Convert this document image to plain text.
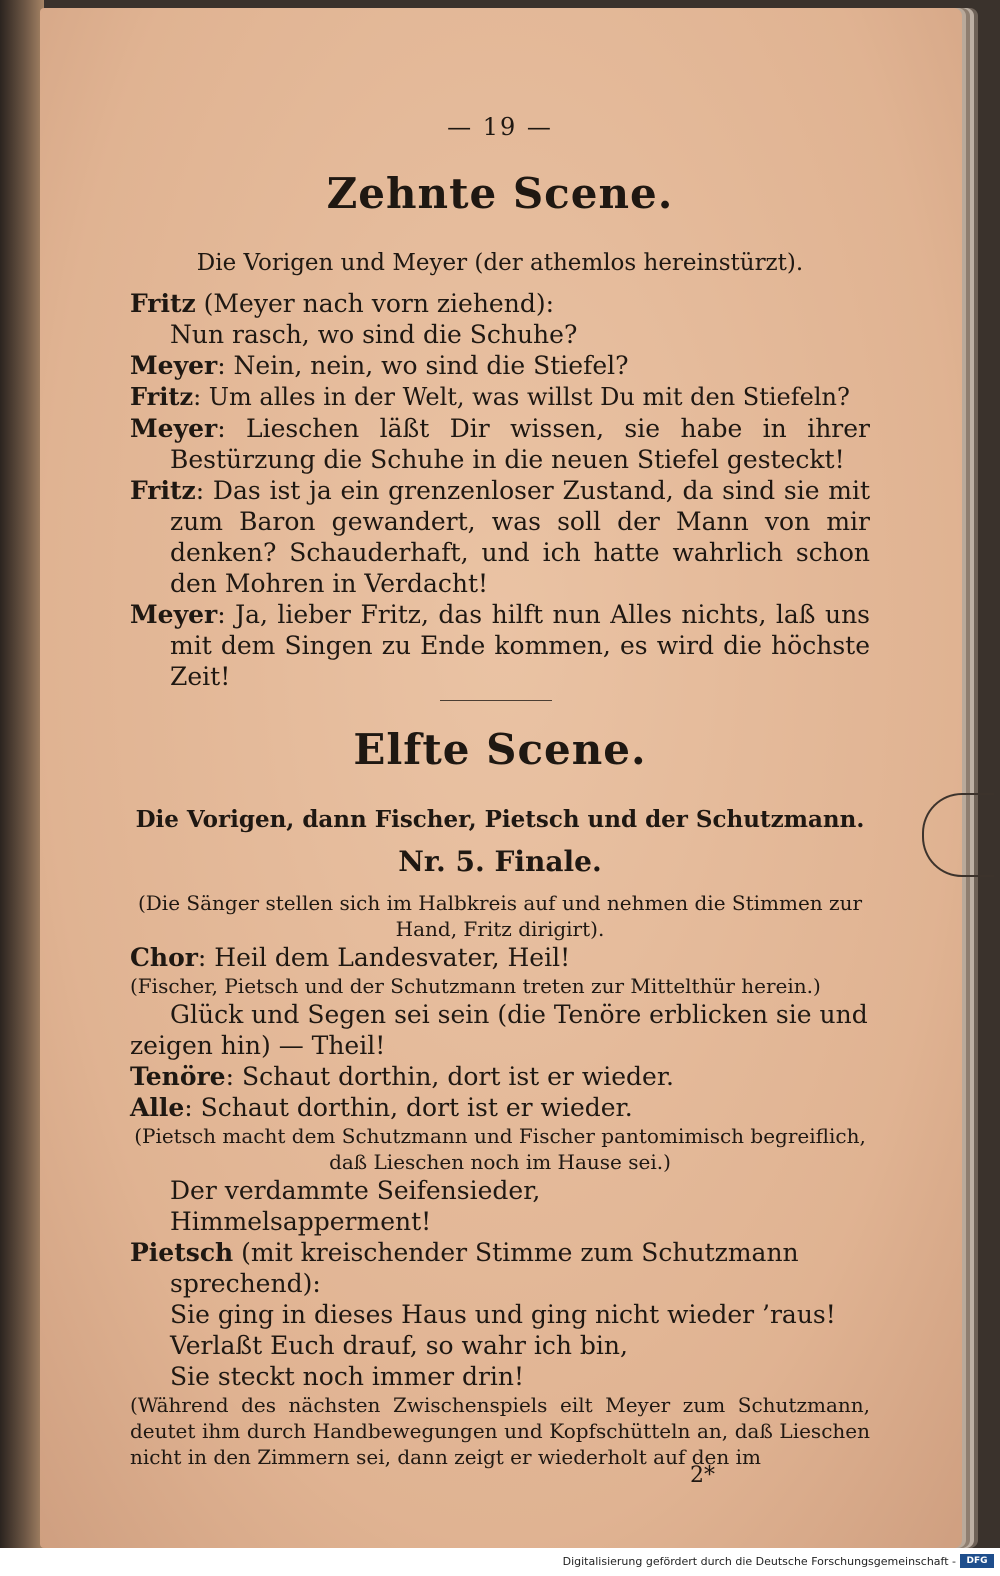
— 19 —
Zehnte Scene.
Die Vorigen und Meyer (der athemlos hereinstürzt).
Fritz (Meyer nach vorn ziehend):
Nun rasch, wo sind die Schuhe?
Meyer: Nein, nein, wo sind die Stiefel?
Fritz: Um alles in der Welt, was willst Du mit den Stiefeln?
Meyer: Lieschen läßt Dir wissen, sie habe in ihrer Bestürzung die Schuhe in die neuen Stiefel gesteckt!
Fritz: Das ist ja ein grenzenloser Zustand, da sind sie mit zum Baron gewandert, was soll der Mann von mir denken? Schauderhaft, und ich hatte wahrlich schon den Mohren in Verdacht!
Meyer: Ja, lieber Fritz, das hilft nun Alles nichts, laß uns mit dem Singen zu Ende kommen, es wird die höchste Zeit!
Elfte Scene.
Die Vorigen, dann Fischer, Pietsch und der Schutzmann.
Nr. 5. Finale.
(Die Sänger stellen sich im Halbkreis auf und nehmen die Stimmen zur Hand, Fritz dirigirt).
Chor: Heil dem Landesvater, Heil!
(Fischer, Pietsch und der Schutzmann treten zur Mittelthür herein.)
Glück und Segen sei sein (die Tenöre erblicken sie und zeigen hin) — Theil!
Tenöre: Schaut dorthin, dort ist er wieder.
Alle: Schaut dorthin, dort ist er wieder.
(Pietsch macht dem Schutzmann und Fischer pantomimisch begreiflich, daß Lieschen noch im Hause sei.)
Der verdammte Seifensieder,
Himmelsappermеnt!
Pietsch (mit kreischender Stimme zum Schutzmann sprechend):
Sie ging in dieses Haus und ging nicht wieder ’raus!
Verlaßt Euch drauf, so wahr ich bin,
Sie steckt noch immer drin!
(Während des nächsten Zwischenspiels eilt Meyer zum Schutzmann, deutet ihm durch Handbewegungen und Kopfschütteln an, daß Lieschen nicht in den Zimmern sei, dann zeigt er wiederholt auf den im
2*
Digitalisierung gefördert durch die Deutsche Forschungsgemeinschaft -	DFG
